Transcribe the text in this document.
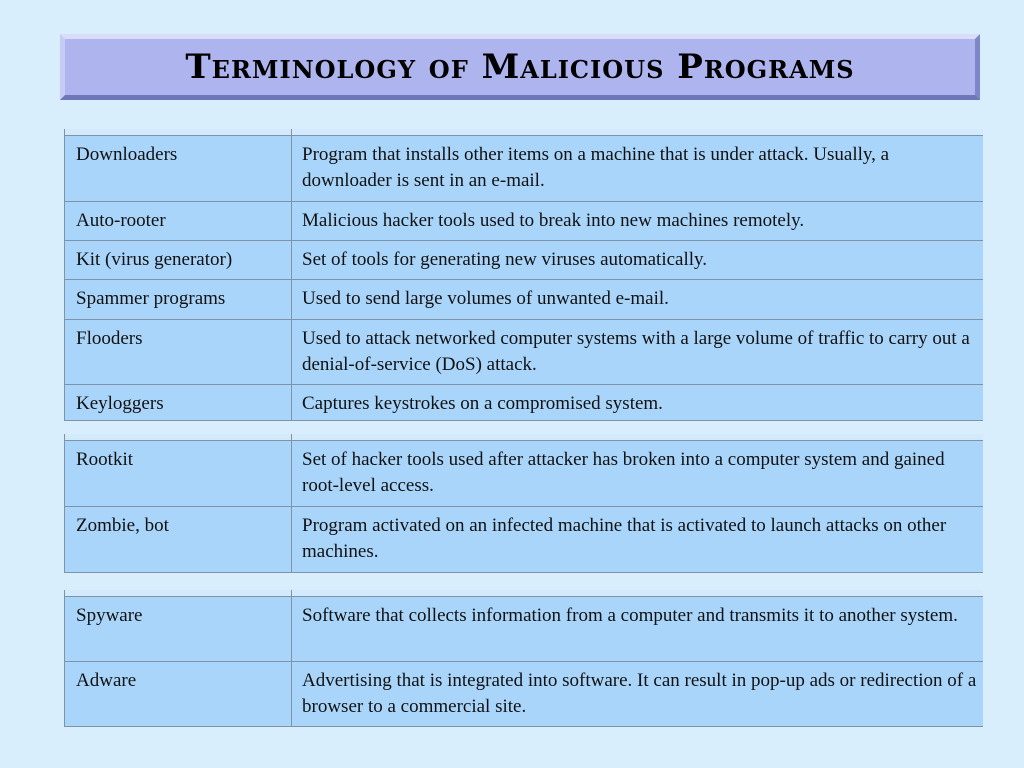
Terminology of Malicious Programs

Downloaders	Program that installs other items on a machine that is under attack. Usually, a downloader is sent in an e-mail.
Auto-rooter	Malicious hacker tools used to break into new machines remotely.
Kit (virus generator)	Set of tools for generating new viruses automatically.
Spammer programs	Used to send large volumes of unwanted e-mail.
Flooders	Used to attack networked computer systems with a large volume of traffic to carry out a denial-of-service (DoS) attack.
Keyloggers	Captures keystrokes on a compromised system.

Rootkit	Set of hacker tools used after attacker has broken into a computer system and gained root-level access.
Zombie, bot	Program activated on an infected machine that is activated to launch attacks on other machines.

Spyware	Software that collects information from a computer and transmits it to another system.
Adware	Advertising that is integrated into software. It can result in pop-up ads or redirection of a browser to a commercial site.
